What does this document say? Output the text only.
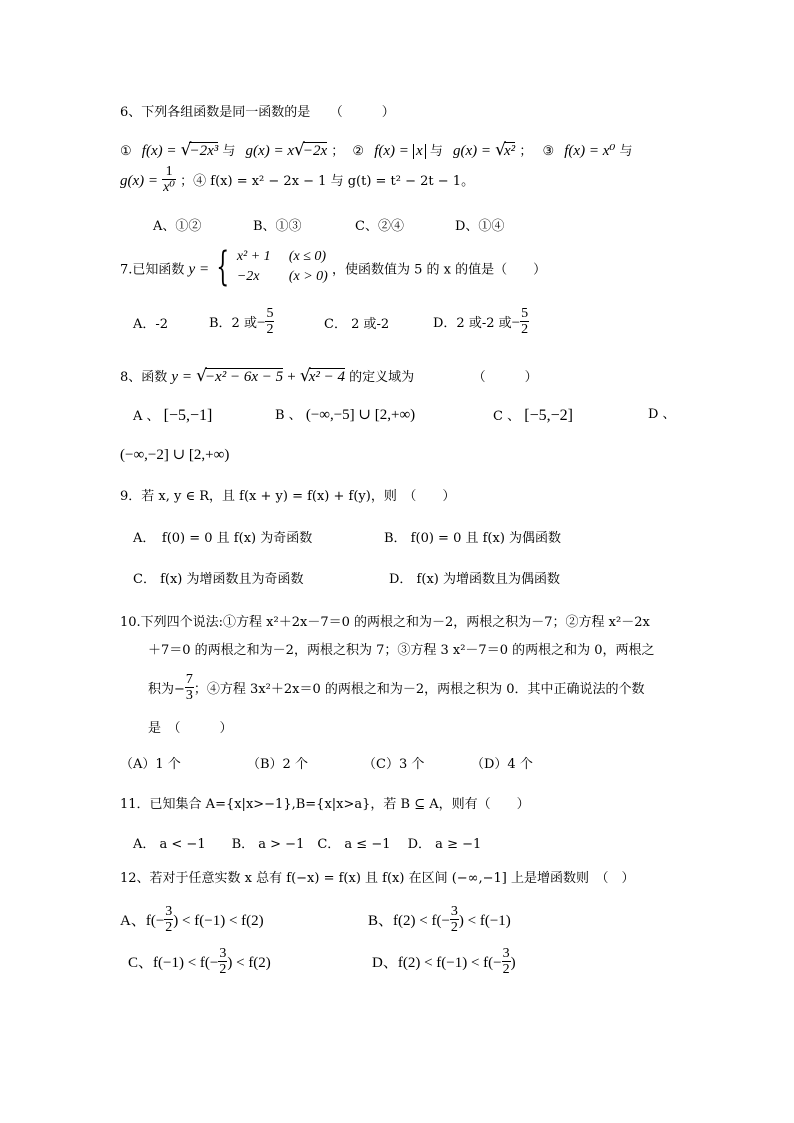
6、下列各组函数是同一函数的是　　（　　　）
① f(x) = √−2x³ 与 g(x) = x√−2x ； ② f(x) = x 与 g(x) = √x² ； ③ f(x) = x⁰ 与
$g(x) = \frac{1}{\text{x⁰}}$ ；④ f(x) = x² − 2x − 1 与 g(t) = t² − 2t − 1。
A、①②	B、①③	C、②④	D、①④
7.已知函数 y = { x² + 1 (x ≤ 0)
−2x (x > 0) ，使函数值为 5 的 x 的值是（　　）
A．-2	B．2 或− $\frac{5}{2}$	C． 2 或-2	D．2 或-2 或− $\frac{5}{2}$
8、函数 y = √−x² − 6x − 5 + √x² − 4 的定义域为　　　　　（　　　）
A 、 [−5,−1]	B 、 (−∞,−5] ∪ [2,+∞)	C 、 [−5,−2]	D 、
(−∞,−2] ∪ [2,+∞)
9．若 x, y ∈ R，且 f(x + y) = f(x) + f(y)，则　（　　）
A．　f(0) = 0 且 f(x) 为奇函数	B． f(0) = 0 且 f(x) 为偶函数
C． f(x) 为增函数且为奇函数	D． f(x) 为增函数且为偶函数
10.下列四个说法:①方程 x²＋2x－7＝0 的两根之和为－2，两根之积为－7；②方程 x²－2x
＋7＝0 的两根之和为－2，两根之积为 7；③方程 3 x²－7＝0 的两根之和为 0，两根之
积为− $\frac{7}{3}$ ；④方程 3x²＋2x＝0 的两根之和为－2，两根之积为 0．其中正确说法的个数
是　（　　　）
（A）1 个	（B）2 个	（C）3 个	（D）4 个
11．已知集合 A={x|x>−1},B={x|x>a}，若 B ⊆ A，则有（　　）
A． a < −1　　B． a > −1　C． a ≤ −1　 D． a ≥ −1
12、若对于任意实数 x 总有 f(−x) = f(x) 且 f(x) 在区间 (−∞,−1] 上是增函数则　（　）
A、$f(- \frac{3}{2}$ ) < f(−1) < f(2)	B、$f(2) < f(- \frac{3}{2}$ ) < f(−1)
C、$f(-1) < f(- \frac{3}{2}$ ) < f(2)	D、$f(2) < f(-1) < f(- \frac{3}{2}$ )
